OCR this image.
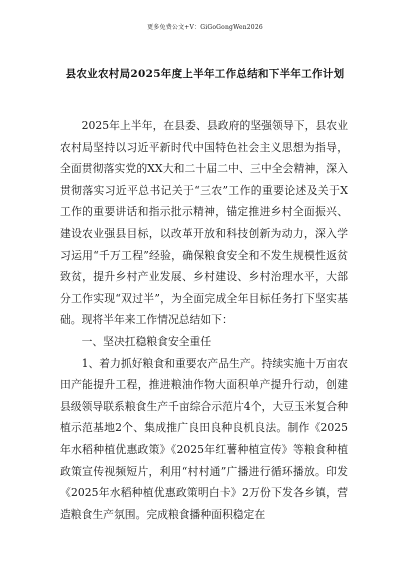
更多免费公文+V：GiGoGongWen2026
县农业农村局2025年度上半年工作总结和下半年工作计划

2025年上半年，在县委、县政府的坚强领导下，县农业农村局坚持以习近平新时代中国特色社会主义思想为指导，全面贯彻落实党的XX大和二十届二中、三中全会精神，深入贯彻落实习近平总书记关于“三农”工作的重要论述及关于X工作的重要讲话和指示批示精神，锚定推进乡村全面振兴、建设农业强县目标，以改革开放和科技创新为动力，深入学习运用“千万工程”经验，确保粮食安全和不发生规模性返贫致贫，提升乡村产业发展、乡村建设、乡村治理水平，大部分工作实现“双过半”，为全面完成全年目标任务打下坚实基础。现将半年来工作情况总结如下：

一、坚决扛稳粮食安全重任

1、着力抓好粮食和重要农产品生产。持续实施十万亩农田产能提升工程，推进粮油作物大面积单产提升行动，创建县级领导联系粮食生产千亩综合示范片4个，大豆玉米复合种植示范基地2个、集成推广良田良种良机良法。制作《2025年水稻种植优惠政策》《2025年红薯种植宣传》等粮食种植政策宣传视频短片，利用“村村通”广播进行循环播放。印发《2025年水稻种植优惠政策明白卡》2万份下发各乡镇，营造粮食生产氛围。完成粮食播种面积稳定在
